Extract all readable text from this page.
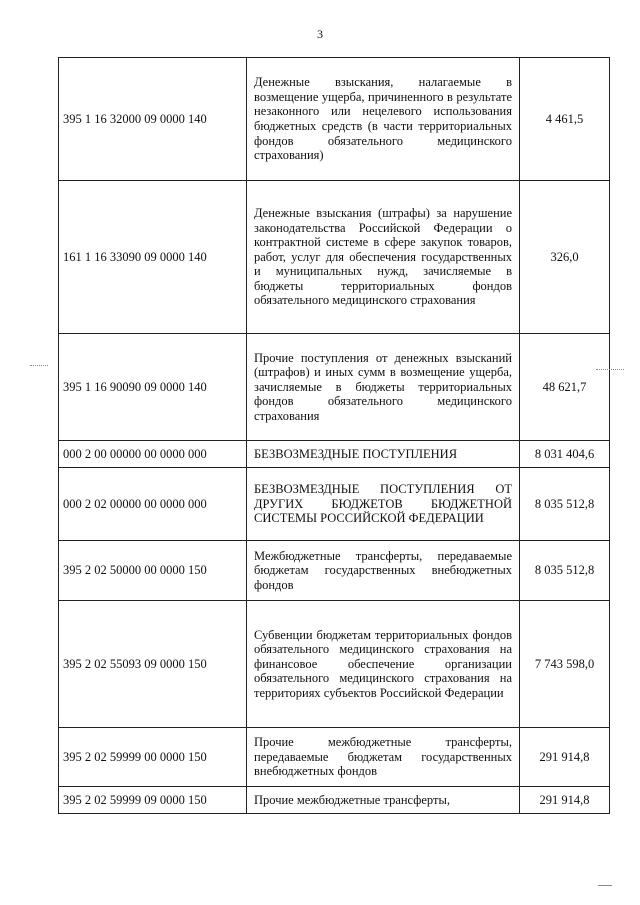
3
395 1 16 32000 09 0000 140	Денежные взыскания, налагаемые в возмещение ущерба, причиненного в результате незаконного или нецелевого использования бюджетных средств (в части территориальных фондов обязательного медицинского страхования)	4 461,5
161 1 16 33090 09 0000 140	Денежные взыскания (штрафы) за нарушение законодательства Российской Федерации о контрактной системе в сфере закупок товаров, работ, услуг для обеспечения государственных и муниципальных нужд, зачисляемые в бюджеты территориальных фондов обязательного медицинского страхования	326,0
395 1 16 90090 09 0000 140	Прочие поступления от денежных взысканий (штрафов) и иных сумм в возмещение ущерба, зачисляемые в бюджеты территориальных фондов обязательного медицинского страхования	48 621,7
000 2 00 00000 00 0000 000	БЕЗВОЗМЕЗДНЫЕ ПОСТУПЛЕНИЯ	8 031 404,6
000 2 02 00000 00 0000 000	БЕЗВОЗМЕЗДНЫЕ ПОСТУПЛЕНИЯ ОТ ДРУГИХ БЮДЖЕТОВ БЮДЖЕТНОЙ СИСТЕМЫ РОССИЙСКОЙ ФЕДЕРАЦИИ	8 035 512,8
395 2 02 50000 00 0000 150	Межбюджетные трансферты, передаваемые бюджетам государственных внебюджетных фондов	8 035 512,8
395 2 02 55093 09 0000 150	Субвенции бюджетам территориальных фондов обязательного медицинского страхования на финансовое обеспечение организации обязательного медицинского страхования на территориях субъектов Российской Федерации	7 743 598,0
395 2 02 59999 00 0000 150	Прочие межбюджетные трансферты, передаваемые бюджетам государственных внебюджетных фондов	291 914,8
395 2 02 59999 09 0000 150	Прочие межбюджетные трансферты,	291 914,8
